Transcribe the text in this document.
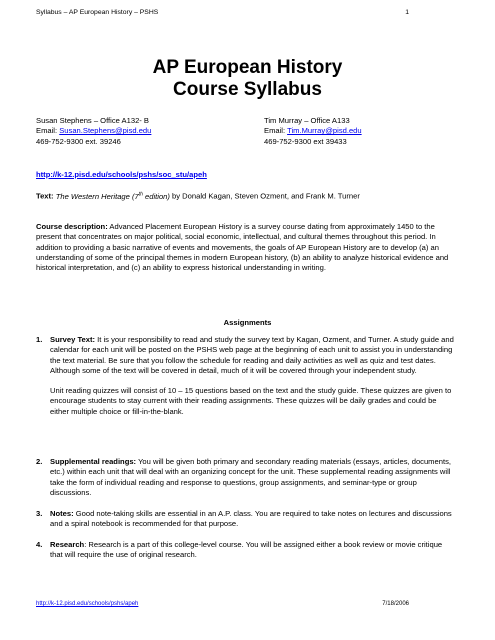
Syllabus – AP European History – PSHS	1
AP European History
Course Syllabus
Susan Stephens – Office A132- B
Email: Susan.Stephens@pisd.edu
469-752-9300 ext. 39246
Tim Murray – Office A133
Email: Tim.Murray@pisd.edu
469-752-9300 ext 39433
http://k-12.pisd.edu/schools/pshs/soc_stu/apeh
Text: The Western Heritage (7th edition) by Donald Kagan, Steven Ozment, and Frank M. Turner
Course description: Advanced Placement European History is a survey course dating from approximately 1450 to the present that concentrates on major political, social economic, intellectual, and cultural themes throughout this period. In addition to providing a basic narrative of events and movements, the goals of AP European History are to develop (a) an understanding of some of the principal themes in modern European history, (b) an ability to analyze historical evidence and historical interpretation, and (c) an ability to express historical understanding in writing.
Assignments
1. Survey Text: It is your responsibility to read and study the survey text by Kagan, Ozment, and Turner. A study guide and calendar for each unit will be posted on the PSHS web page at the beginning of each unit to assist you in understanding the text material. Be sure that you follow the schedule for reading and daily activities as well as quiz and test dates. Although some of the text will be covered in detail, much of it will be covered through your independent study.
Unit reading quizzes will consist of 10 – 15 questions based on the text and the study guide. These quizzes are given to encourage students to stay current with their reading assignments. These quizzes will be daily grades and could be either multiple choice or fill-in-the-blank.
2. Supplemental readings: You will be given both primary and secondary reading materials (essays, articles, documents, etc.) within each unit that will deal with an organizing concept for the unit. These supplemental reading assignments will take the form of individual reading and response to questions, group assignments, and seminar-type or group discussions.
3. Notes: Good note-taking skills are essential in an A.P. class. You are required to take notes on lectures and discussions and a spiral notebook is recommended for that purpose.
4. Research: Research is a part of this college-level course. You will be assigned either a book review or movie critique that will require the use of original research.
http://k-12.pisd.edu/schools/pshs/apeh	7/18/2006
